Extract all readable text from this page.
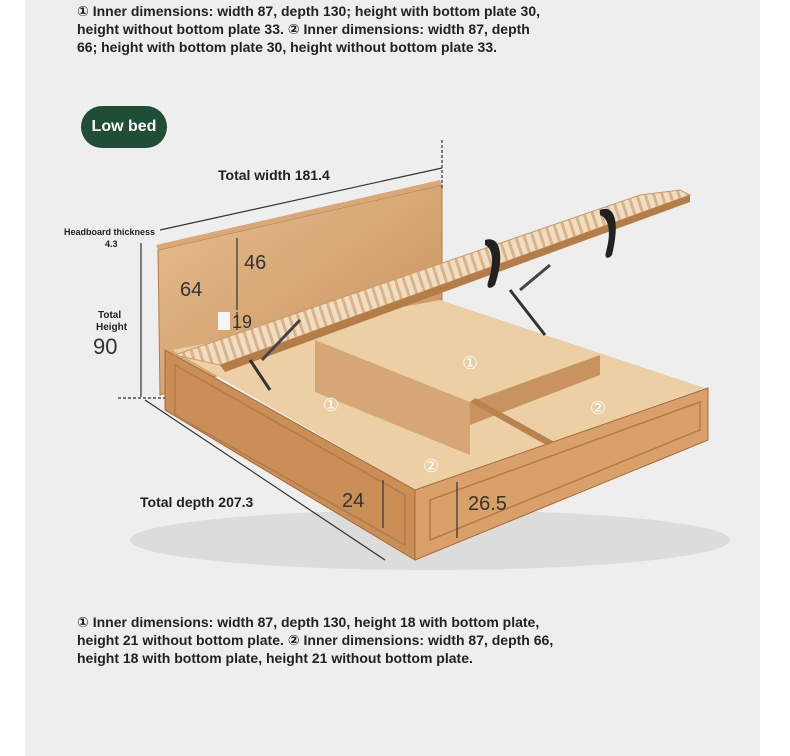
① Inner dimensions: width 87, depth 130; height with bottom plate 30,
height without bottom plate 33. ② Inner dimensions: width 87, depth
66; height with bottom plate 30, height without bottom plate 33.
Low bed
Total width 181.4
Headboard thickness
4.3
Total
Height
90
64
46
19
Total depth 207.3	24	26.5
①
①
②
②
① Inner dimensions: width 87, depth 130, height 18 with bottom plate,
height 21 without bottom plate. ② Inner dimensions: width 87, depth 66,
height 18 with bottom plate, height 21 without bottom plate.
